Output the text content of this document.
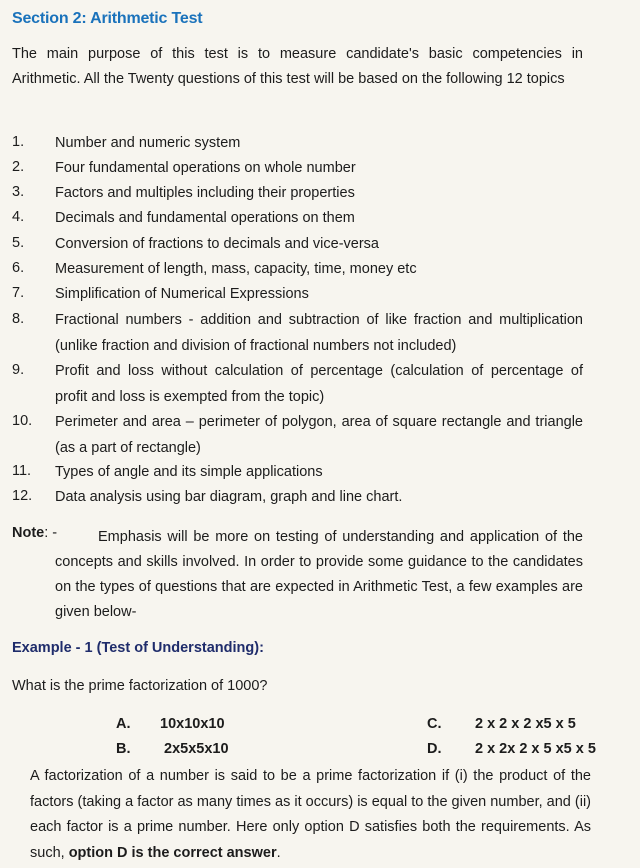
Section 2: Arithmetic Test
The main purpose of this test is to measure candidate's basic competencies in Arithmetic. All the Twenty questions of this test will be based on the following 12 topics
1. Number and numeric system
2. Four fundamental operations on whole number
3. Factors and multiples including their properties
4. Decimals and fundamental operations on them
5. Conversion of fractions to decimals and vice-versa
6. Measurement of length, mass, capacity, time, money etc
7. Simplification of Numerical Expressions
8. Fractional numbers - addition and subtraction of like fraction and multiplication (unlike fraction and division of fractional numbers not included)
9. Profit and loss without calculation of percentage (calculation of percentage of profit and loss is exempted from the topic)
10. Perimeter and area – perimeter of polygon, area of square rectangle and triangle (as a part of rectangle)
11. Types of angle and its simple applications
12. Data analysis using bar diagram, graph and line chart.
Note: -	Emphasis will be more on testing of understanding and application of the concepts and skills involved. In order to provide some guidance to the candidates on the types of questions that are expected in Arithmetic Test, a few examples are given below-
Example - 1 (Test of Understanding):
What is the prime factorization of 1000?
A. 10x10x10
B. 2x5x5x10
C. 2 x 2 x 2 x5 x 5
D. 2 x 2x 2 x 5 x5 x 5
A factorization of a number is said to be a prime factorization if (i) the product of the factors (taking a factor as many times as it occurs) is equal to the given number, and (ii) each factor is a prime number. Here only option D satisfies both the requirements. As such, option D is the correct answer.
